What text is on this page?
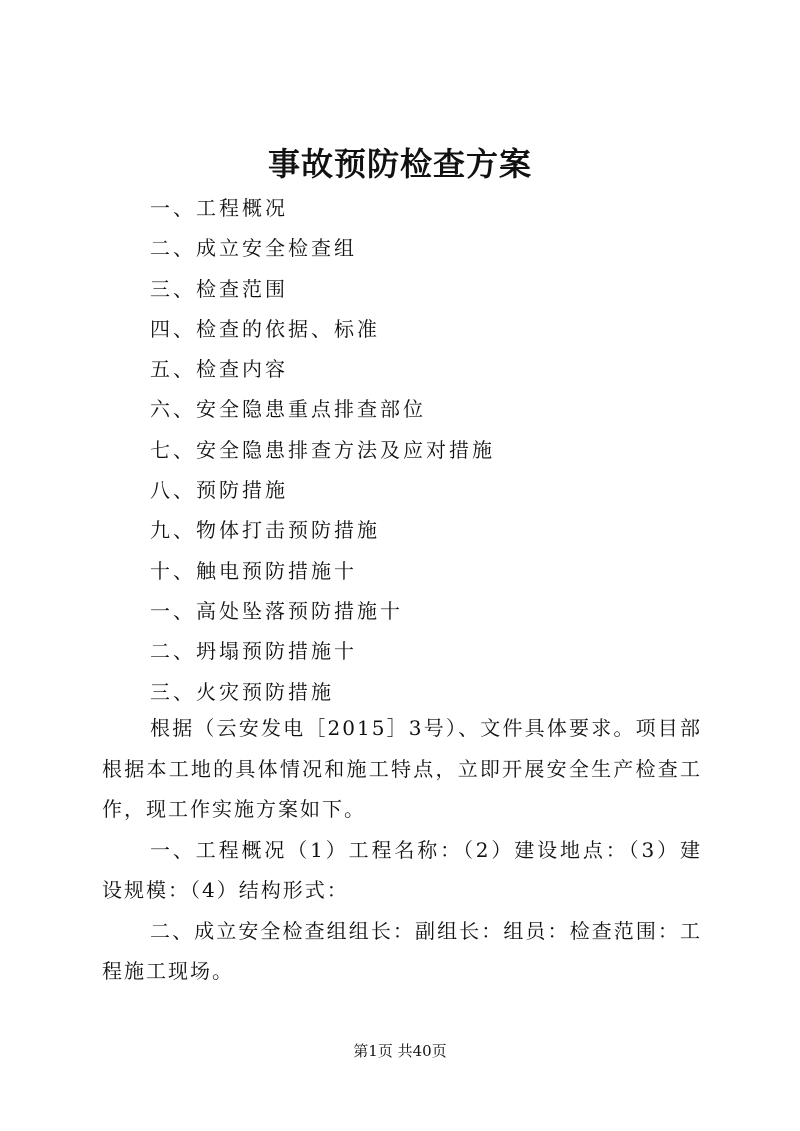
事故预防检查方案
一、工程概况
二、成立安全检查组
三、检查范围
四、检查的依据、标准
五、检查内容
六、安全隐患重点排查部位
七、安全隐患排查方法及应对措施
八、预防措施
九、物体打击预防措施
十、触电预防措施十
一、高处坠落预防措施十
二、坍塌预防措施十
三、火灾预防措施

根据（云安发电［2015］3号）、文件具体要求。项目部根据本工地的具体情况和施工特点，立即开展安全生产检查工作，现工作实施方案如下。

一、工程概况（1）工程名称：（2）建设地点：（3）建设规模：（4）结构形式：

二、成立安全检查组组长：副组长：组员：检查范围：工程施工现场。

第1页 共40页
